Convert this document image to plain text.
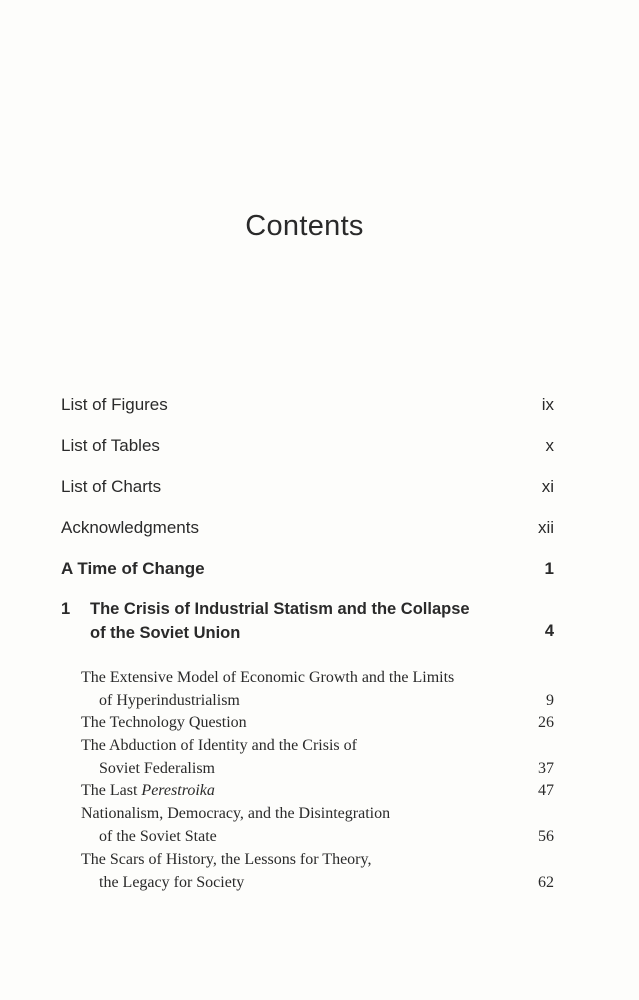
Contents
List of Figures	ix
List of Tables	x
List of Charts	xi
Acknowledgments	xii
A Time of Change	1
1 The Crisis of Industrial Statism and the Collapse
of the Soviet Union	4
The Extensive Model of Economic Growth and the Limits
of Hyperindustrialism	9
The Technology Question	26
The Abduction of Identity and the Crisis of
Soviet Federalism	37
The Last Perestroika	47
Nationalism, Democracy, and the Disintegration
of the Soviet State	56
The Scars of History, the Lessons for Theory,
the Legacy for Society	62
